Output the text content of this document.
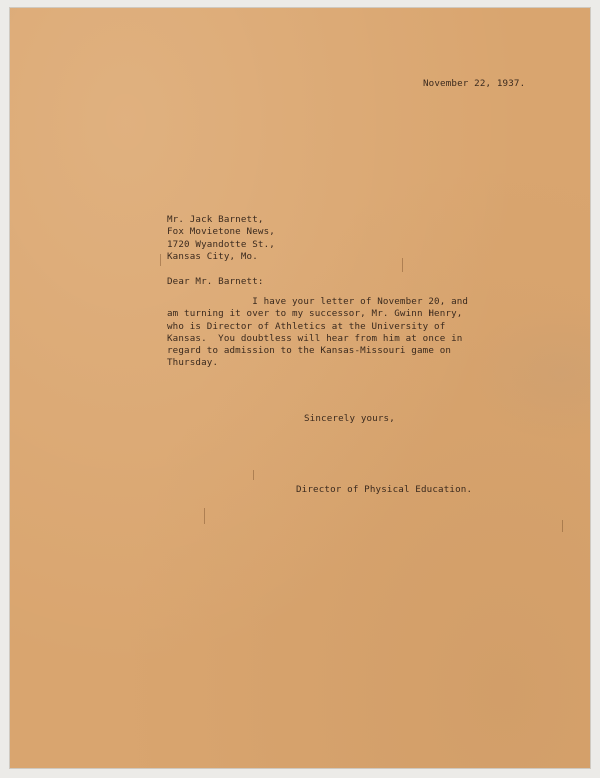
November 22, 1937.
Mr. Jack Barnett,
Fox Movietone News,
1720 Wyandotte St.,
Kansas City, Mo.
Dear Mr. Barnett:
I have your letter of November 20, and
am turning it over to my successor, Mr. Gwinn Henry,
who is Director of Athletics at the University of
Kansas.  You doubtless will hear from him at once in
regard to admission to the Kansas-Missouri game on
Thursday.
Sincerely yours,
Director of Physical Education.
